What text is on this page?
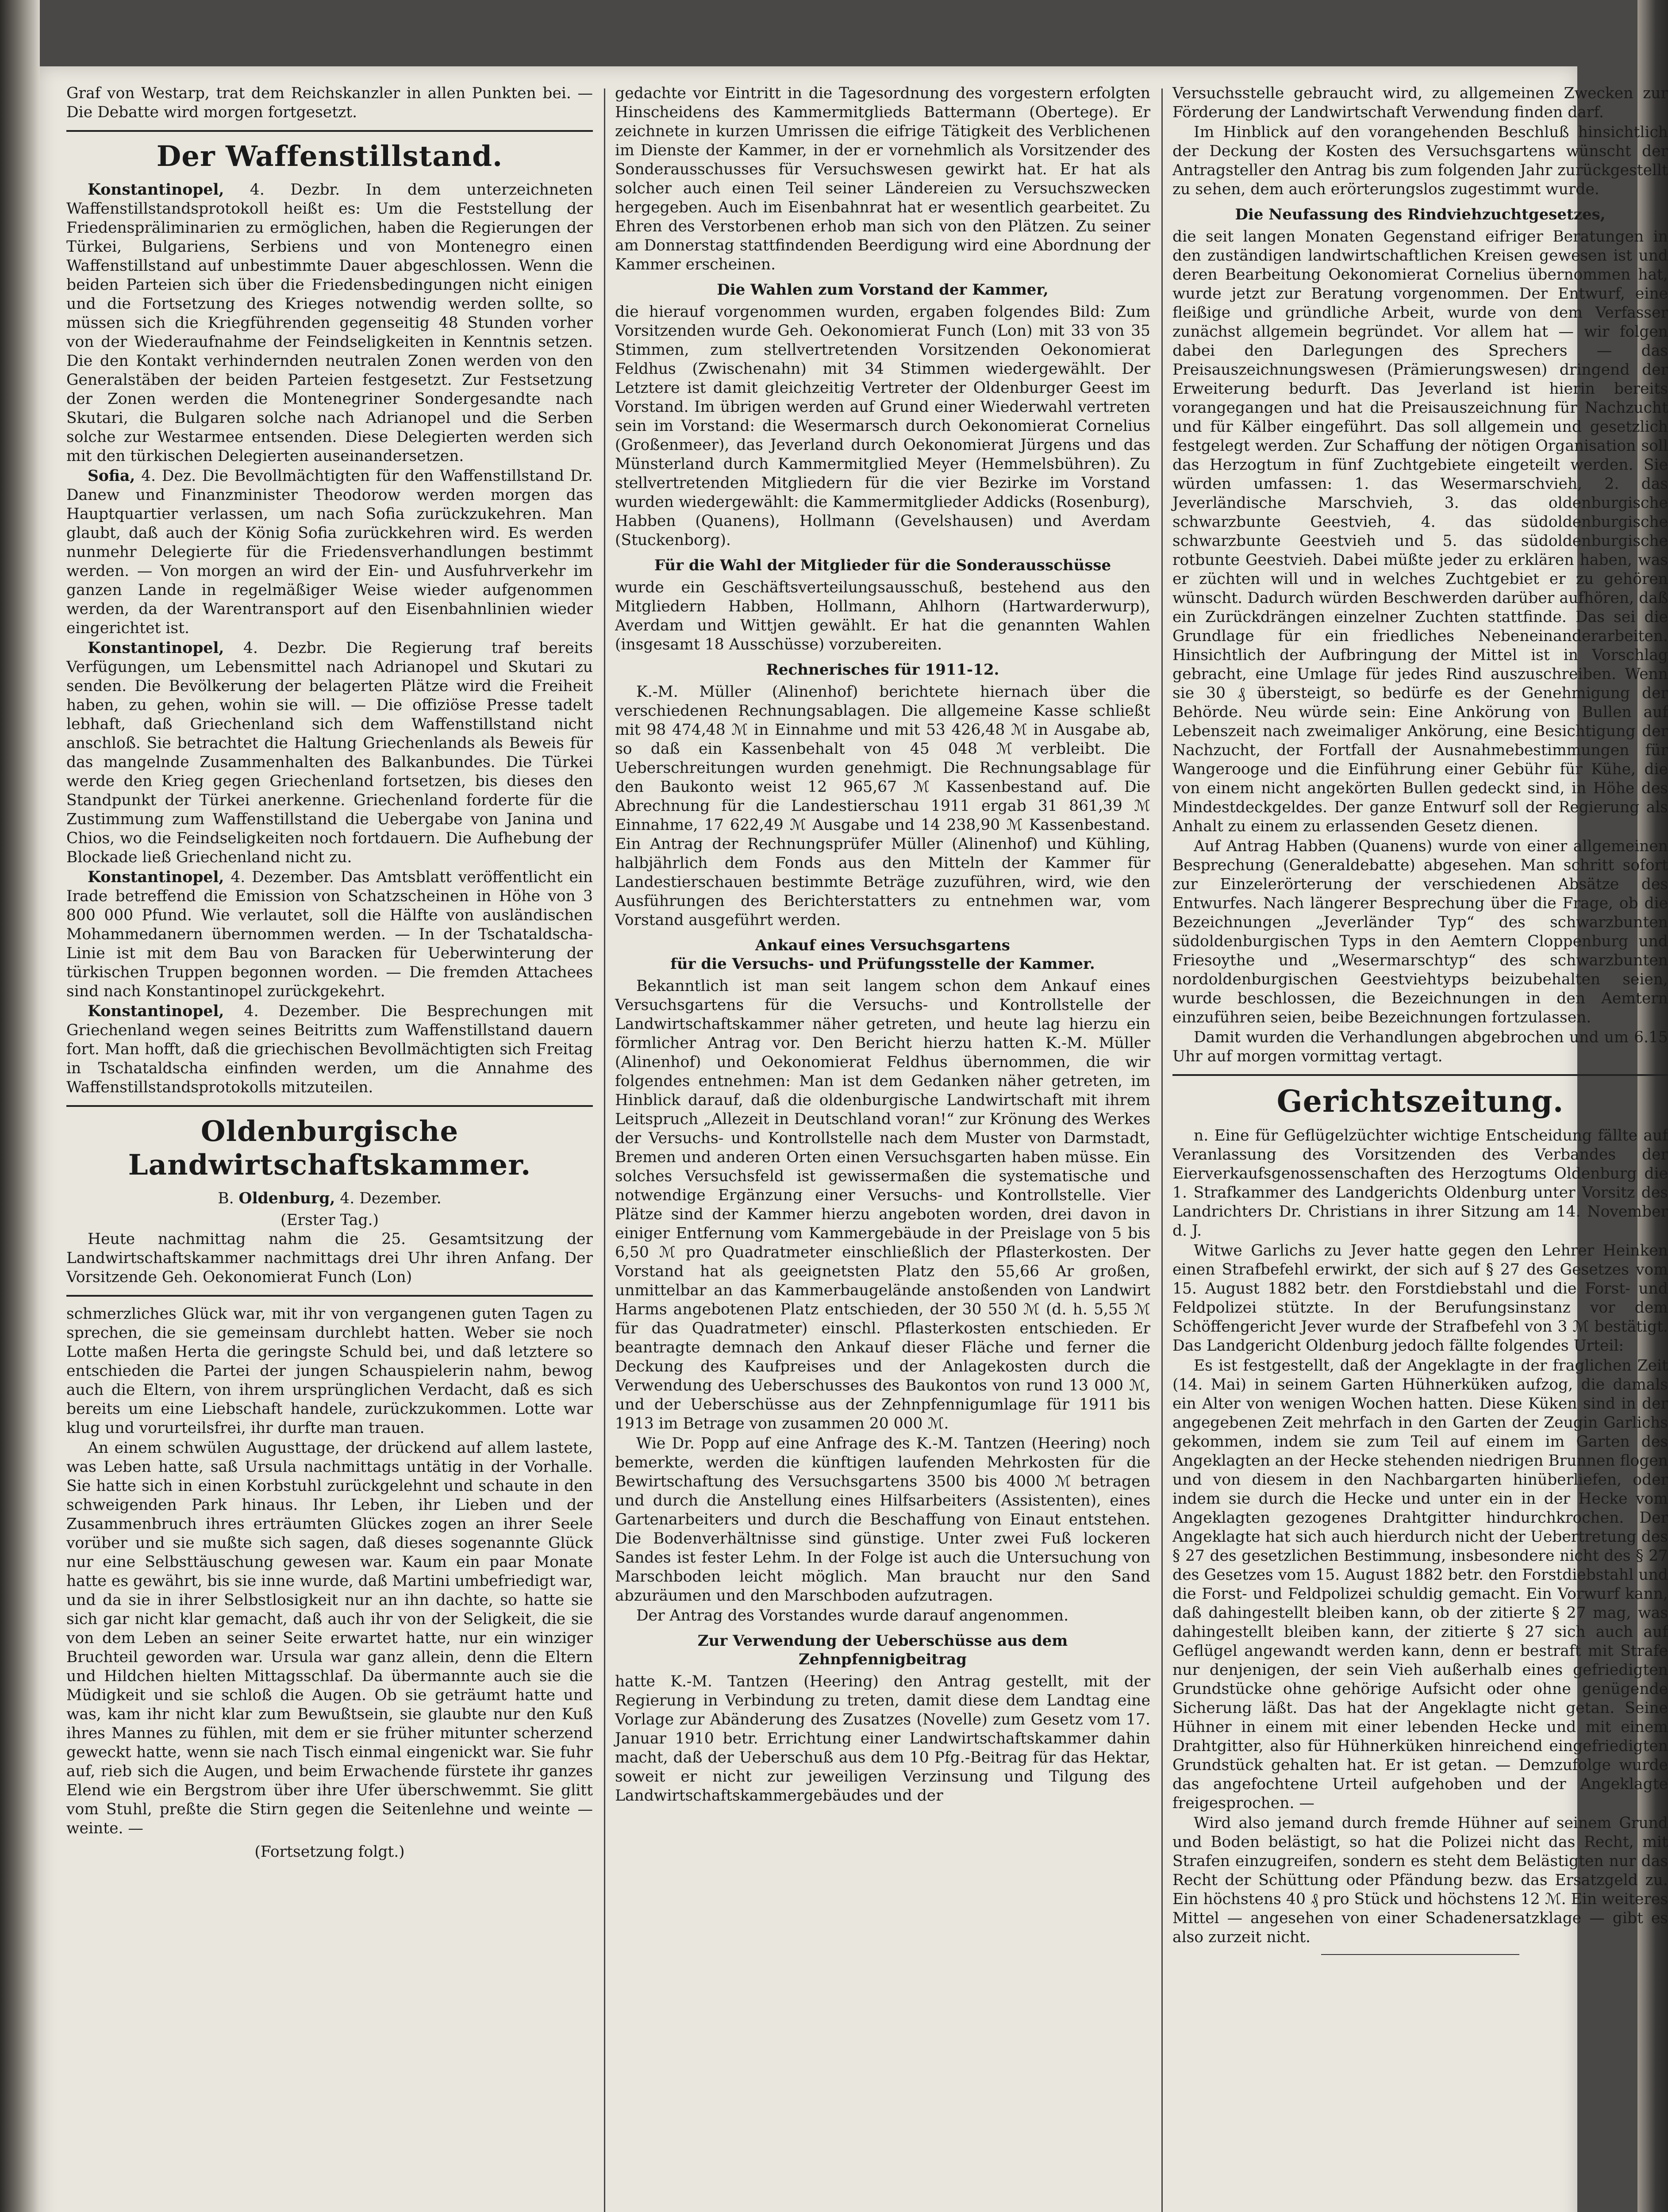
Graf von Westarp, trat dem Reichskanzler in allen Punkten bei. — Die Debatte wird morgen fortgesetzt.

Der Waffenstillstand.

Konstantinopel, 4. Dezbr. In dem unterzeichneten Waffenstillstandsprotokoll heißt es: Um die Feststellung der Friedenspräliminarien zu ermöglichen, haben die Regierungen der Türkei, Bulgariens, Serbiens und von Montenegro einen Waffenstillstand auf unbestimmte Dauer abgeschlossen. Wenn die beiden Parteien sich über die Friedensbedingungen nicht einigen und die Fortsetzung des Krieges notwendig werden sollte, so müssen sich die Kriegführenden gegenseitig 48 Stunden vorher von der Wiederaufnahme der Feindseligkeiten in Kenntnis setzen. Die den Kontakt verhindernden neutralen Zonen werden von den Generalstäben der beiden Parteien festgesetzt. Zur Festsetzung der Zonen werden die Montenegriner Sondergesandte nach Skutari, die Bulgaren solche nach Adrianopel und die Serben solche zur Westarmee entsenden. Diese Delegierten werden sich mit den türkischen Delegierten auseinandersetzen.

Sofia, 4. Dez. Die Bevollmächtigten für den Waffenstillstand Dr. Danew und Finanzminister Theodorow werden morgen das Hauptquartier verlassen, um nach Sofia zurückzukehren. Man glaubt, daß auch der König Sofia zurückkehren wird. Es werden nunmehr Delegierte für die Friedensverhandlungen bestimmt werden. — Von morgen an wird der Ein- und Ausfuhrverkehr im ganzen Lande in regelmäßiger Weise wieder aufgenommen werden, da der Warentransport auf den Eisenbahnlinien wieder eingerichtet ist.

Konstantinopel, 4. Dezbr. Die Regierung traf bereits Verfügungen, um Lebensmittel nach Adrianopel und Skutari zu senden. Die Bevölkerung der belagerten Plätze wird die Freiheit haben, zu gehen, wohin sie will. — Die offiziöse Presse tadelt lebhaft, daß Griechenland sich dem Waffenstillstand nicht anschloß. Sie betrachtet die Haltung Griechenlands als Beweis für das mangelnde Zusammenhalten des Balkanbundes. Die Türkei werde den Krieg gegen Griechenland fortsetzen, bis dieses den Standpunkt der Türkei anerkenne. Griechenland forderte für die Zustimmung zum Waffenstillstand die Uebergabe von Janina und Chios, wo die Feindseligkeiten noch fortdauern. Die Aufhebung der Blockade ließ Griechenland nicht zu.

Konstantinopel, 4. Dezember. Das Amtsblatt veröffentlicht ein Irade betreffend die Emission von Schatzscheinen in Höhe von 3 800 000 Pfund. Wie verlautet, soll die Hälfte von ausländischen Mohammedanern übernommen werden. — In der Tschataldscha-Linie ist mit dem Bau von Baracken für Ueberwinterung der türkischen Truppen begonnen worden. — Die fremden Attachees sind nach Konstantinopel zurückgekehrt.

Konstantinopel, 4. Dezember. Die Besprechungen mit Griechenland wegen seines Beitritts zum Waffenstillstand dauern fort. Man hofft, daß die griechischen Bevollmächtigten sich Freitag in Tschataldscha einfinden werden, um die Annahme des Waffenstillstandsprotokolls mitzuteilen.

Oldenburgische Landwirtschaftskammer.
B. Oldenburg, 4. Dezember.
(Erster Tag.)

Heute nachmittag nahm die 25. Gesamtsitzung der Landwirtschaftskammer nachmittags drei Uhr ihren Anfang. Der Vorsitzende Geh. Oekonomierat Funch (Lon)

schmerzliches Glück war, mit ihr von vergangenen guten Tagen zu sprechen, die sie gemeinsam durchlebt hatten. Weber sie noch Lotte maßen Herta die geringste Schuld bei, und daß letztere so entschieden die Partei der jungen Schauspielerin nahm, bewog auch die Eltern, von ihrem ursprünglichen Verdacht, daß es sich bereits um eine Liebschaft handele, zurückzukommen. Lotte war klug und vorurteilsfrei, ihr durfte man trauen.

An einem schwülen Augusttage, der drückend auf allem lastete, was Leben hatte, saß Ursula nachmittags untätig in der Vorhalle. Sie hatte sich in einen Korbstuhl zurückgelehnt und schaute in den schweigenden Park hinaus. Ihr Leben, ihr Lieben und der Zusammenbruch ihres erträumten Glückes zogen an ihrer Seele vorüber und sie mußte sich sagen, daß dieses sogenannte Glück nur eine Selbsttäuschung gewesen war. Kaum ein paar Monate hatte es gewährt, bis sie inne wurde, daß Martini umbefriedigt war, und da sie in ihrer Selbstlosigkeit nur an ihn dachte, so hatte sie sich gar nicht klar gemacht, daß auch ihr von der Seligkeit, die sie von dem Leben an seiner Seite erwartet hatte, nur ein winziger Bruchteil geworden war. Ursula war ganz allein, denn die Eltern und Hildchen hielten Mittagsschlaf. Da übermannte auch sie die Müdigkeit und sie schloß die Augen. Ob sie geträumt hatte und was, kam ihr nicht klar zum Bewußtsein, sie glaubte nur den Kuß ihres Mannes zu fühlen, mit dem er sie früher mitunter scherzend geweckt hatte, wenn sie nach Tisch einmal eingenickt war. Sie fuhr auf, rieb sich die Augen, und beim Erwachende fürstete ihr ganzes Elend wie ein Bergstrom über ihre Ufer überschwemmt. Sie glitt vom Stuhl, preßte die Stirn gegen die Seitenlehne und weinte — weinte. —

(Fortsetzung folgt.)

gedachte vor Eintritt in die Tagesordnung des vorgestern erfolgten Hinscheidens des Kammermitglieds Battermann (Obertege). Er zeichnete in kurzen Umrissen die eifrige Tätigkeit des Verblichenen im Dienste der Kammer, in der er vornehmlich als Vorsitzender des Sonderausschusses für Versuchswesen gewirkt hat. Er hat als solcher auch einen Teil seiner Ländereien zu Versuchszwecken hergegeben. Auch im Eisenbahnrat hat er wesentlich gearbeitet. Zu Ehren des Verstorbenen erhob man sich von den Plätzen. Zu seiner am Donnerstag stattfindenden Beerdigung wird eine Abordnung der Kammer erscheinen.

Die Wahlen zum Vorstand der Kammer,

die hierauf vorgenommen wurden, ergaben folgendes Bild: Zum Vorsitzenden wurde Geh. Oekonomierat Funch (Lon) mit 33 von 35 Stimmen, zum stellvertretenden Vorsitzenden Oekonomierat Feldhus (Zwischenahn) mit 34 Stimmen wiedergewählt. Der Letztere ist damit gleichzeitig Vertreter der Oldenburger Geest im Vorstand. Im übrigen werden auf Grund einer Wiederwahl vertreten sein im Vorstand: die Wesermarsch durch Oekonomierat Cornelius (Großenmeer), das Jeverland durch Oekonomierat Jürgens und das Münsterland durch Kammermitglied Meyer (Hemmelsbühren). Zu stellvertretenden Mitgliedern für die vier Bezirke im Vorstand wurden wiedergewählt: die Kammermitglieder Addicks (Rosenburg), Habben (Quanens), Hollmann (Gevelshausen) und Averdam (Stuckenborg).

Für die Wahl der Mitglieder für die Sonderausschüsse

wurde ein Geschäftsverteilungsausschuß, bestehend aus den Mitgliedern Habben, Hollmann, Ahlhorn (Hartwarderwurp), Averdam und Wittjen gewählt. Er hat die genannten Wahlen (insgesamt 18 Ausschüsse) vorzubereiten.

Rechnerisches für 1911-12.

K.-M. Müller (Alinenhof) berichtete hiernach über die verschiedenen Rechnungsablagen. Die allgemeine Kasse schließt mit 98 474,48 ℳ in Einnahme und mit 53 426,48 ℳ in Ausgabe ab, so daß ein Kassenbehalt von 45 048 ℳ verbleibt. Die Ueberschreitungen wurden genehmigt. Die Rechnungsablage für den Baukonto weist 12 965,67 ℳ Kassenbestand auf. Die Abrechnung für die Landestierschau 1911 ergab 31 861,39 ℳ Einnahme, 17 622,49 ℳ Ausgabe und 14 238,90 ℳ Kassenbestand. Ein Antrag der Rechnungsprüfer Müller (Alinenhof) und Kühling, halbjährlich dem Fonds aus den Mitteln der Kammer für Landestierschauen bestimmte Beträge zuzuführen, wird, wie den Ausführungen des Berichterstatters zu entnehmen war, vom Vorstand ausgeführt werden.

Ankauf eines Versuchsgartens
für die Versuchs- und Prüfungsstelle der Kammer.

Bekanntlich ist man seit langem schon dem Ankauf eines Versuchsgartens für die Versuchs- und Kontrollstelle der Landwirtschaftskammer näher getreten, und heute lag hierzu ein förmlicher Antrag vor. Den Bericht hierzu hatten K.-M. Müller (Alinenhof) und Oekonomierat Feldhus übernommen, die wir folgendes entnehmen: Man ist dem Gedanken näher getreten, im Hinblick darauf, daß die oldenburgische Landwirtschaft mit ihrem Leitspruch „Allezeit in Deutschland voran!“ zur Krönung des Werkes der Versuchs- und Kontrollstelle nach dem Muster von Darmstadt, Bremen und anderen Orten einen Versuchsgarten haben müsse. Ein solches Versuchsfeld ist gewissermaßen die systematische und notwendige Ergänzung einer Versuchs- und Kontrollstelle. Vier Plätze sind der Kammer hierzu angeboten worden, drei davon in einiger Entfernung vom Kammergebäude in der Preislage von 5 bis 6,50 ℳ pro Quadratmeter einschließlich der Pflasterkosten. Der Vorstand hat als geeignetsten Platz den 55,66 Ar großen, unmittelbar an das Kammerbaugelände anstoßenden von Landwirt Harms angebotenen Platz entschieden, der 30 550 ℳ (d. h. 5,55 ℳ für das Quadratmeter) einschl. Pflasterkosten entschieden. Er beantragte demnach den Ankauf dieser Fläche und ferner die Deckung des Kaufpreises und der Anlagekosten durch die Verwendung des Ueberschusses des Baukontos von rund 13 000 ℳ, und der Ueberschüsse aus der Zehnpfennigumlage für 1911 bis 1913 im Betrage von zusammen 20 000 ℳ.

Wie Dr. Popp auf eine Anfrage des K.-M. Tantzen (Heering) noch bemerkte, werden die künftigen laufenden Mehrkosten für die Bewirtschaftung des Versuchsgartens 3500 bis 4000 ℳ betragen und durch die Anstellung eines Hilfsarbeiters (Assistenten), eines Gartenarbeiters und durch die Beschaffung von Einaut entstehen. Die Bodenverhältnisse sind günstige. Unter zwei Fuß lockeren Sandes ist fester Lehm. In der Folge ist auch die Untersuchung von Marschboden leicht möglich. Man braucht nur den Sand abzuräumen und den Marschboden aufzutragen.

Der Antrag des Vorstandes wurde darauf angenommen.

Zur Verwendung der Ueberschüsse aus dem
Zehnpfennigbeitrag

hatte K.-M. Tantzen (Heering) den Antrag gestellt, mit der Regierung in Verbindung zu treten, damit diese dem Landtag eine Vorlage zur Abänderung des Zusatzes (Novelle) zum Gesetz vom 17. Januar 1910 betr. Errichtung einer Landwirtschaftskammer dahin macht, daß der Ueberschuß aus dem 10 Pfg.-Beitrag für das Hektar, soweit er nicht zur jeweiligen Verzinsung und Tilgung des Landwirtschaftskammergebäudes und der

Versuchsstelle gebraucht wird, zu allgemeinen Zwecken zur Förderung der Landwirtschaft Verwendung finden darf.

Im Hinblick auf den vorangehenden Beschluß hinsichtlich der Deckung der Kosten des Versuchsgartens wünscht der Antragsteller den Antrag bis zum folgenden Jahr zurückgestellt zu sehen, dem auch erörterungslos zugestimmt wurde.

Die Neufassung des Rindviehzuchtgesetzes,

die seit langen Monaten Gegenstand eifriger Beratungen in den zuständigen landwirtschaftlichen Kreisen gewesen ist und deren Bearbeitung Oekonomierat Cornelius übernommen hat, wurde jetzt zur Beratung vorgenommen. Der Entwurf, eine fleißige und gründliche Arbeit, wurde von dem Verfasser zunächst allgemein begründet. Vor allem hat — wir folgen dabei den Darlegungen des Sprechers — das Preisauszeichnungswesen (Prämierungswesen) dringend der Erweiterung bedurft. Das Jeverland ist hierin bereits vorangegangen und hat die Preisauszeichnung für Nachzucht und für Kälber eingeführt. Das soll allgemein und gesetzlich festgelegt werden. Zur Schaffung der nötigen Organisation soll das Herzogtum in fünf Zuchtgebiete eingeteilt werden. Sie würden umfassen: 1. das Wesermarschvieh, 2. das Jeverländische Marschvieh, 3. das oldenburgische schwarzbunte Geestvieh, 4. das südoldenburgische schwarzbunte Geestvieh und 5. das südoldenburgische rotbunte Geestvieh. Dabei müßte jeder zu erklären haben, was er züchten will und in welches Zuchtgebiet er zu gehören wünscht. Dadurch würden Beschwerden darüber aufhören, daß ein Zurückdrängen einzelner Zuchten stattfinde. Das sei die Grundlage für ein friedliches Nebeneinanderarbeiten. Hinsichtlich der Aufbringung der Mittel ist in Vorschlag gebracht, eine Umlage für jedes Rind auszuschreiben. Wenn sie 30 ₰ übersteigt, so bedürfe es der Genehmigung der Behörde. Neu würde sein: Eine Ankörung von Bullen auf Lebenszeit nach zweimaliger Ankörung, eine Besichtigung der Nachzucht, der Fortfall der Ausnahmebestimmungen für Wangerooge und die Einführung einer Gebühr für Kühe, die von einem nicht angekörten Bullen gedeckt sind, in Höhe des Mindestdeckgeldes. Der ganze Entwurf soll der Regierung als Anhalt zu einem zu erlassenden Gesetz dienen.

Auf Antrag Habben (Quanens) wurde von einer allgemeinen Besprechung (Generaldebatte) abgesehen. Man schritt sofort zur Einzelerörterung der verschiedenen Absätze des Entwurfes. Nach längerer Besprechung über die Frage, ob die Bezeichnungen „Jeverländer Typ“ des schwarzbunten südoldenburgischen Typs in den Aemtern Cloppenburg und Friesoythe und „Wesermarschtyp“ des schwarzbunten nordoldenburgischen Geestviehtyps beizubehalten seien, wurde beschlossen, die Bezeichnungen in den Aemtern einzuführen seien, beibe Bezeichnungen fortzulassen.

Damit wurden die Verhandlungen abgebrochen und um 6.15 Uhr auf morgen vormittag vertagt.

Gerichtszeitung.

n. Eine für Geflügelzüchter wichtige Entscheidung fällte auf Veranlassung des Vorsitzenden des Verbandes der Eierverkaufsgenossenschaften des Herzogtums Oldenburg die 1. Strafkammer des Landgerichts Oldenburg unter Vorsitz des Landrichters Dr. Christians in ihrer Sitzung am 14. November d. J.

Witwe Garlichs zu Jever hatte gegen den Lehrer Heinken einen Strafbefehl erwirkt, der sich auf § 27 des Gesetzes vom 15. August 1882 betr. den Forstdiebstahl und die Forst- und Feldpolizei stützte. In der Berufungsinstanz vor dem Schöffengericht Jever wurde der Strafbefehl von 3 ℳ bestätigt. Das Landgericht Oldenburg jedoch fällte folgendes Urteil:

Es ist festgestellt, daß der Angeklagte in der fraglichen Zeit (14. Mai) in seinem Garten Hühnerküken aufzog, die damals ein Alter von wenigen Wochen hatten. Diese Küken sind in der angegebenen Zeit mehrfach in den Garten der Zeugin Garlichs gekommen, indem sie zum Teil auf einem im Garten des Angeklagten an der Hecke stehenden niedrigen Brunnen flogen und von diesem in den Nachbargarten hinüberliefen, oder indem sie durch die Hecke und unter ein in der Hecke vom Angeklagten gezogenes Drahtgitter hindurchkrochen. Der Angeklagte hat sich auch hierdurch nicht der Uebertretung des § 27 des gesetzlichen Bestimmung, insbesondere nicht des § 27 des Gesetzes vom 15. August 1882 betr. den Forstdiebstahl und die Forst- und Feldpolizei schuldig gemacht. Ein Vorwurf kann, daß dahingestellt bleiben kann, ob der zitierte § 27 mag, was dahingestellt bleiben kann, der zitierte § 27 sich auch auf Geflügel angewandt werden kann, denn er bestraft mit Strafe nur denjenigen, der sein Vieh außerhalb eines gefriedigten Grundstücke ohne gehörige Aufsicht oder ohne genügende Sicherung läßt. Das hat der Angeklagte nicht getan. Seine Hühner in einem mit einer lebenden Hecke und mit einem Drahtgitter, also für Hühnerküken hinreichend eingefriedigten Grundstück gehalten hat. Er ist getan. — Demzufolge wurde das angefochtene Urteil aufgehoben und der Angeklagte freigesprochen. —

Wird also jemand durch fremde Hühner auf seinem Grund und Boden belästigt, so hat die Polizei nicht das Recht, mit Strafen einzugreifen, sondern es steht dem Belästigten nur das Recht der Schüttung oder Pfändung bezw. das Ersatzgeld zu. Ein höchstens 40 ₰ pro Stück und höchstens 12 ℳ. Ein weiteres Mittel — angesehen von einer Schadenersatzklage — gibt es also zurzeit nicht.
